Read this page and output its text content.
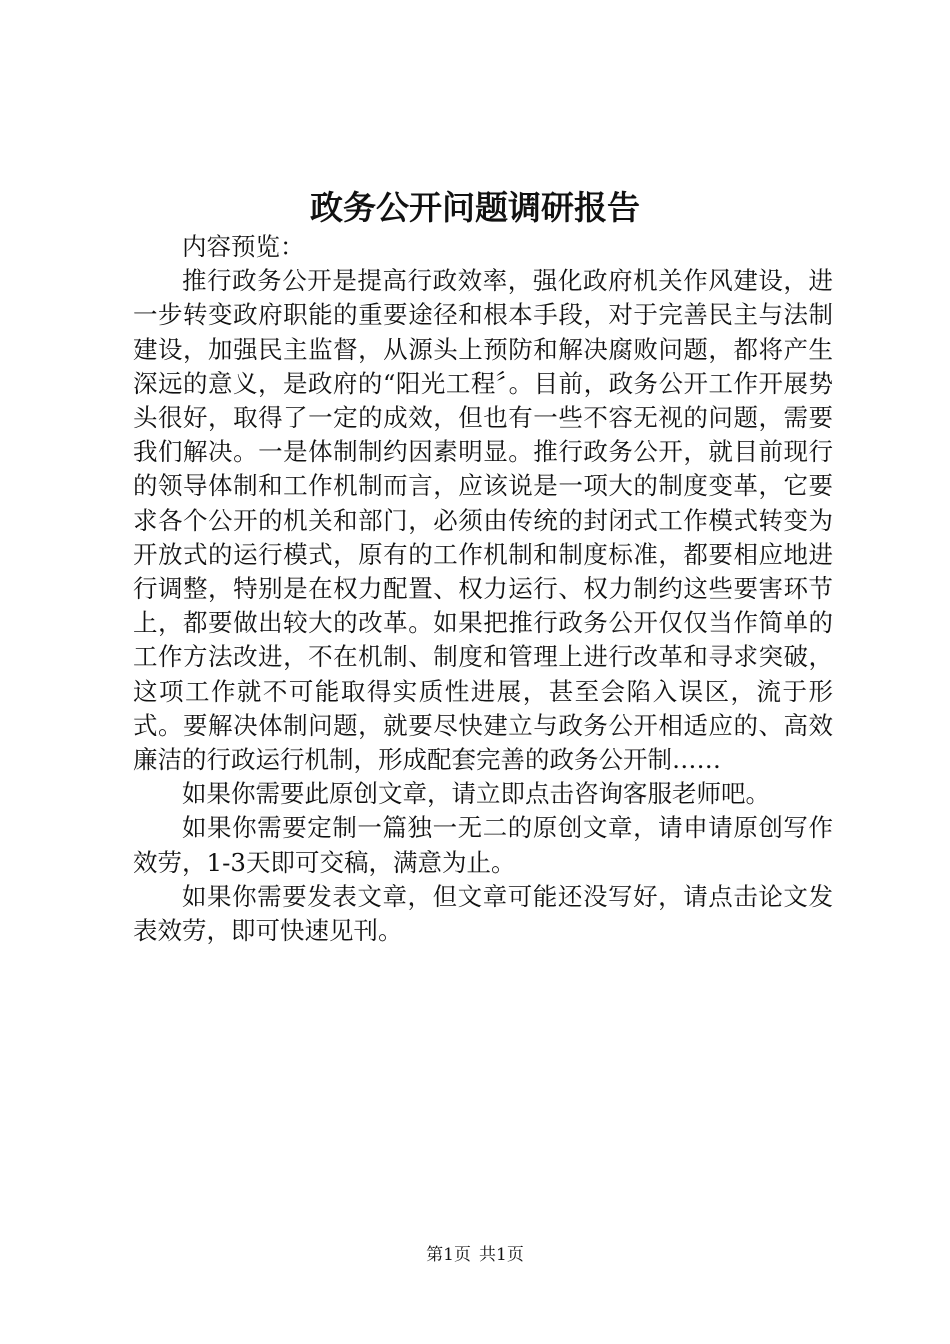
政务公开问题调研报告

内容预览：

推行政务公开是提高行政效率，强化政府机关作风建设，进一步转变政府职能的重要途径和根本手段，对于完善民主与法制建设，加强民主监督，从源头上预防和解决腐败问题，都将产生深远的意义，是政府的“阳光工程〞。目前，政务公开工作开展势头很好，取得了一定的成效，但也有一些不容无视的问题，需要我们解决。一是体制制约因素明显。推行政务公开，就目前现行的领导体制和工作机制而言，应该说是一项大的制度变革，它要求各个公开的机关和部门，必须由传统的封闭式工作模式转变为开放式的运行模式，原有的工作机制和制度标准，都要相应地进行调整，特别是在权力配置、权力运行、权力制约这些要害环节上，都要做出较大的改革。如果把推行政务公开仅仅当作简单的工作方法改进，不在机制、制度和管理上进行改革和寻求突破，这项工作就不可能取得实质性进展，甚至会陷入误区，流于形式。要解决体制问题，就要尽快建立与政务公开相适应的、高效廉洁的行政运行机制，形成配套完善的政务公开制……

如果你需要此原创文章，请立即点击咨询客服老师吧。

如果你需要定制一篇独一无二的原创文章，请申请原创写作效劳，1-3天即可交稿，满意为止。

如果你需要发表文章，但文章可能还没写好，请点击论文发表效劳，即可快速见刊。

第1页 共1页
